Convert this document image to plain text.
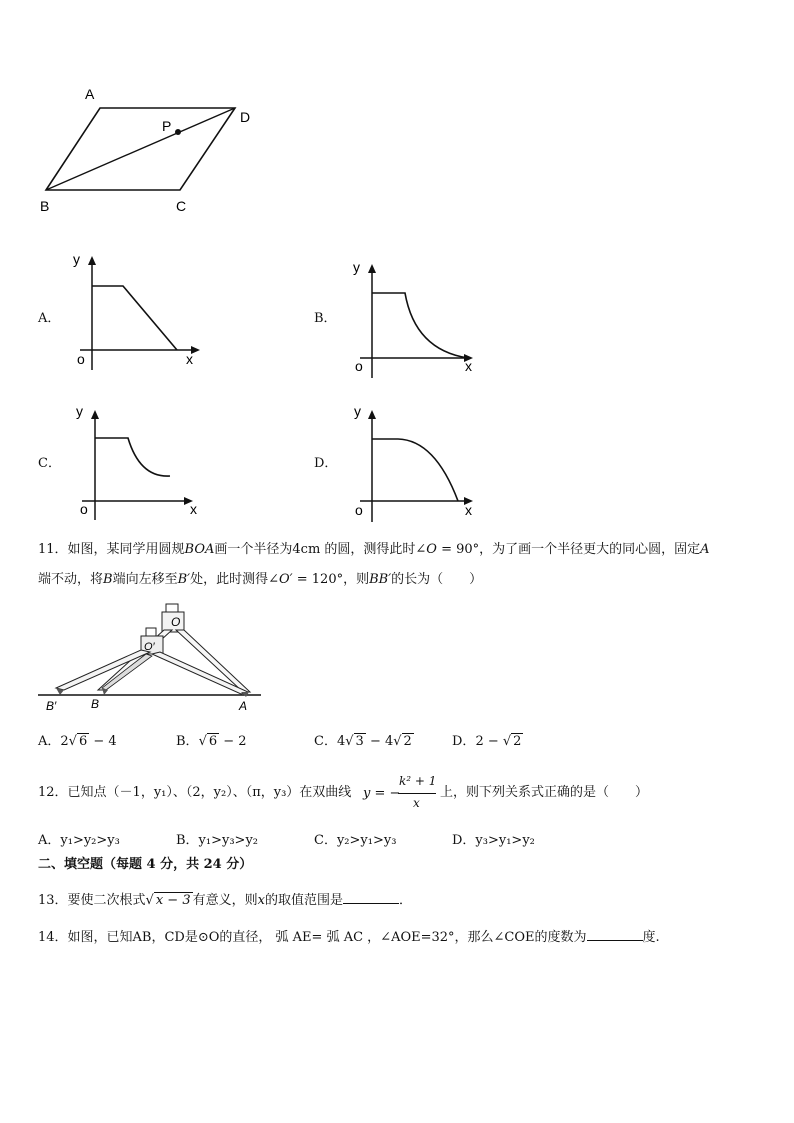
A
D
P
B	C
A．
y
o	x
B．
y
o	x
C．
y
o	x
D．
y
o	x
11．如图，某同学用圆规BOA画一个半径为4cm 的圆，测得此时∠O = 90°，为了画一个半径更大的同心圆，固定A
端不动，将B端向左移至B′处，此时测得∠O′ = 120°，则BB′的长为（　　）
O
O′
B′	B	A
A．2√ 6 − 4	B．√ 6 − 2	C．4√ 3 − 4√ 2	D．2 − √ 2
12．已知点（－1，y₁）、（2，y₂）、（π，y₃）在双曲线 y = −
k² + 1
x
上，则下列关系式正确的是（　　）
A．y₁>y₂>y₃	B．y₁>y₃>y₂	C．y₂>y₁>y₃	D．y₃>y₁>y₂
二、填空题（每题 4 分，共 24 分）
13．要使二次根式√ x − 3 有意义，则x的取值范围是	．
14．如图，已知AB，CD是⊙O的直径， 弧 AE= 弧 AC ，∠AOE=32°，那么∠COE的度数为	度.
